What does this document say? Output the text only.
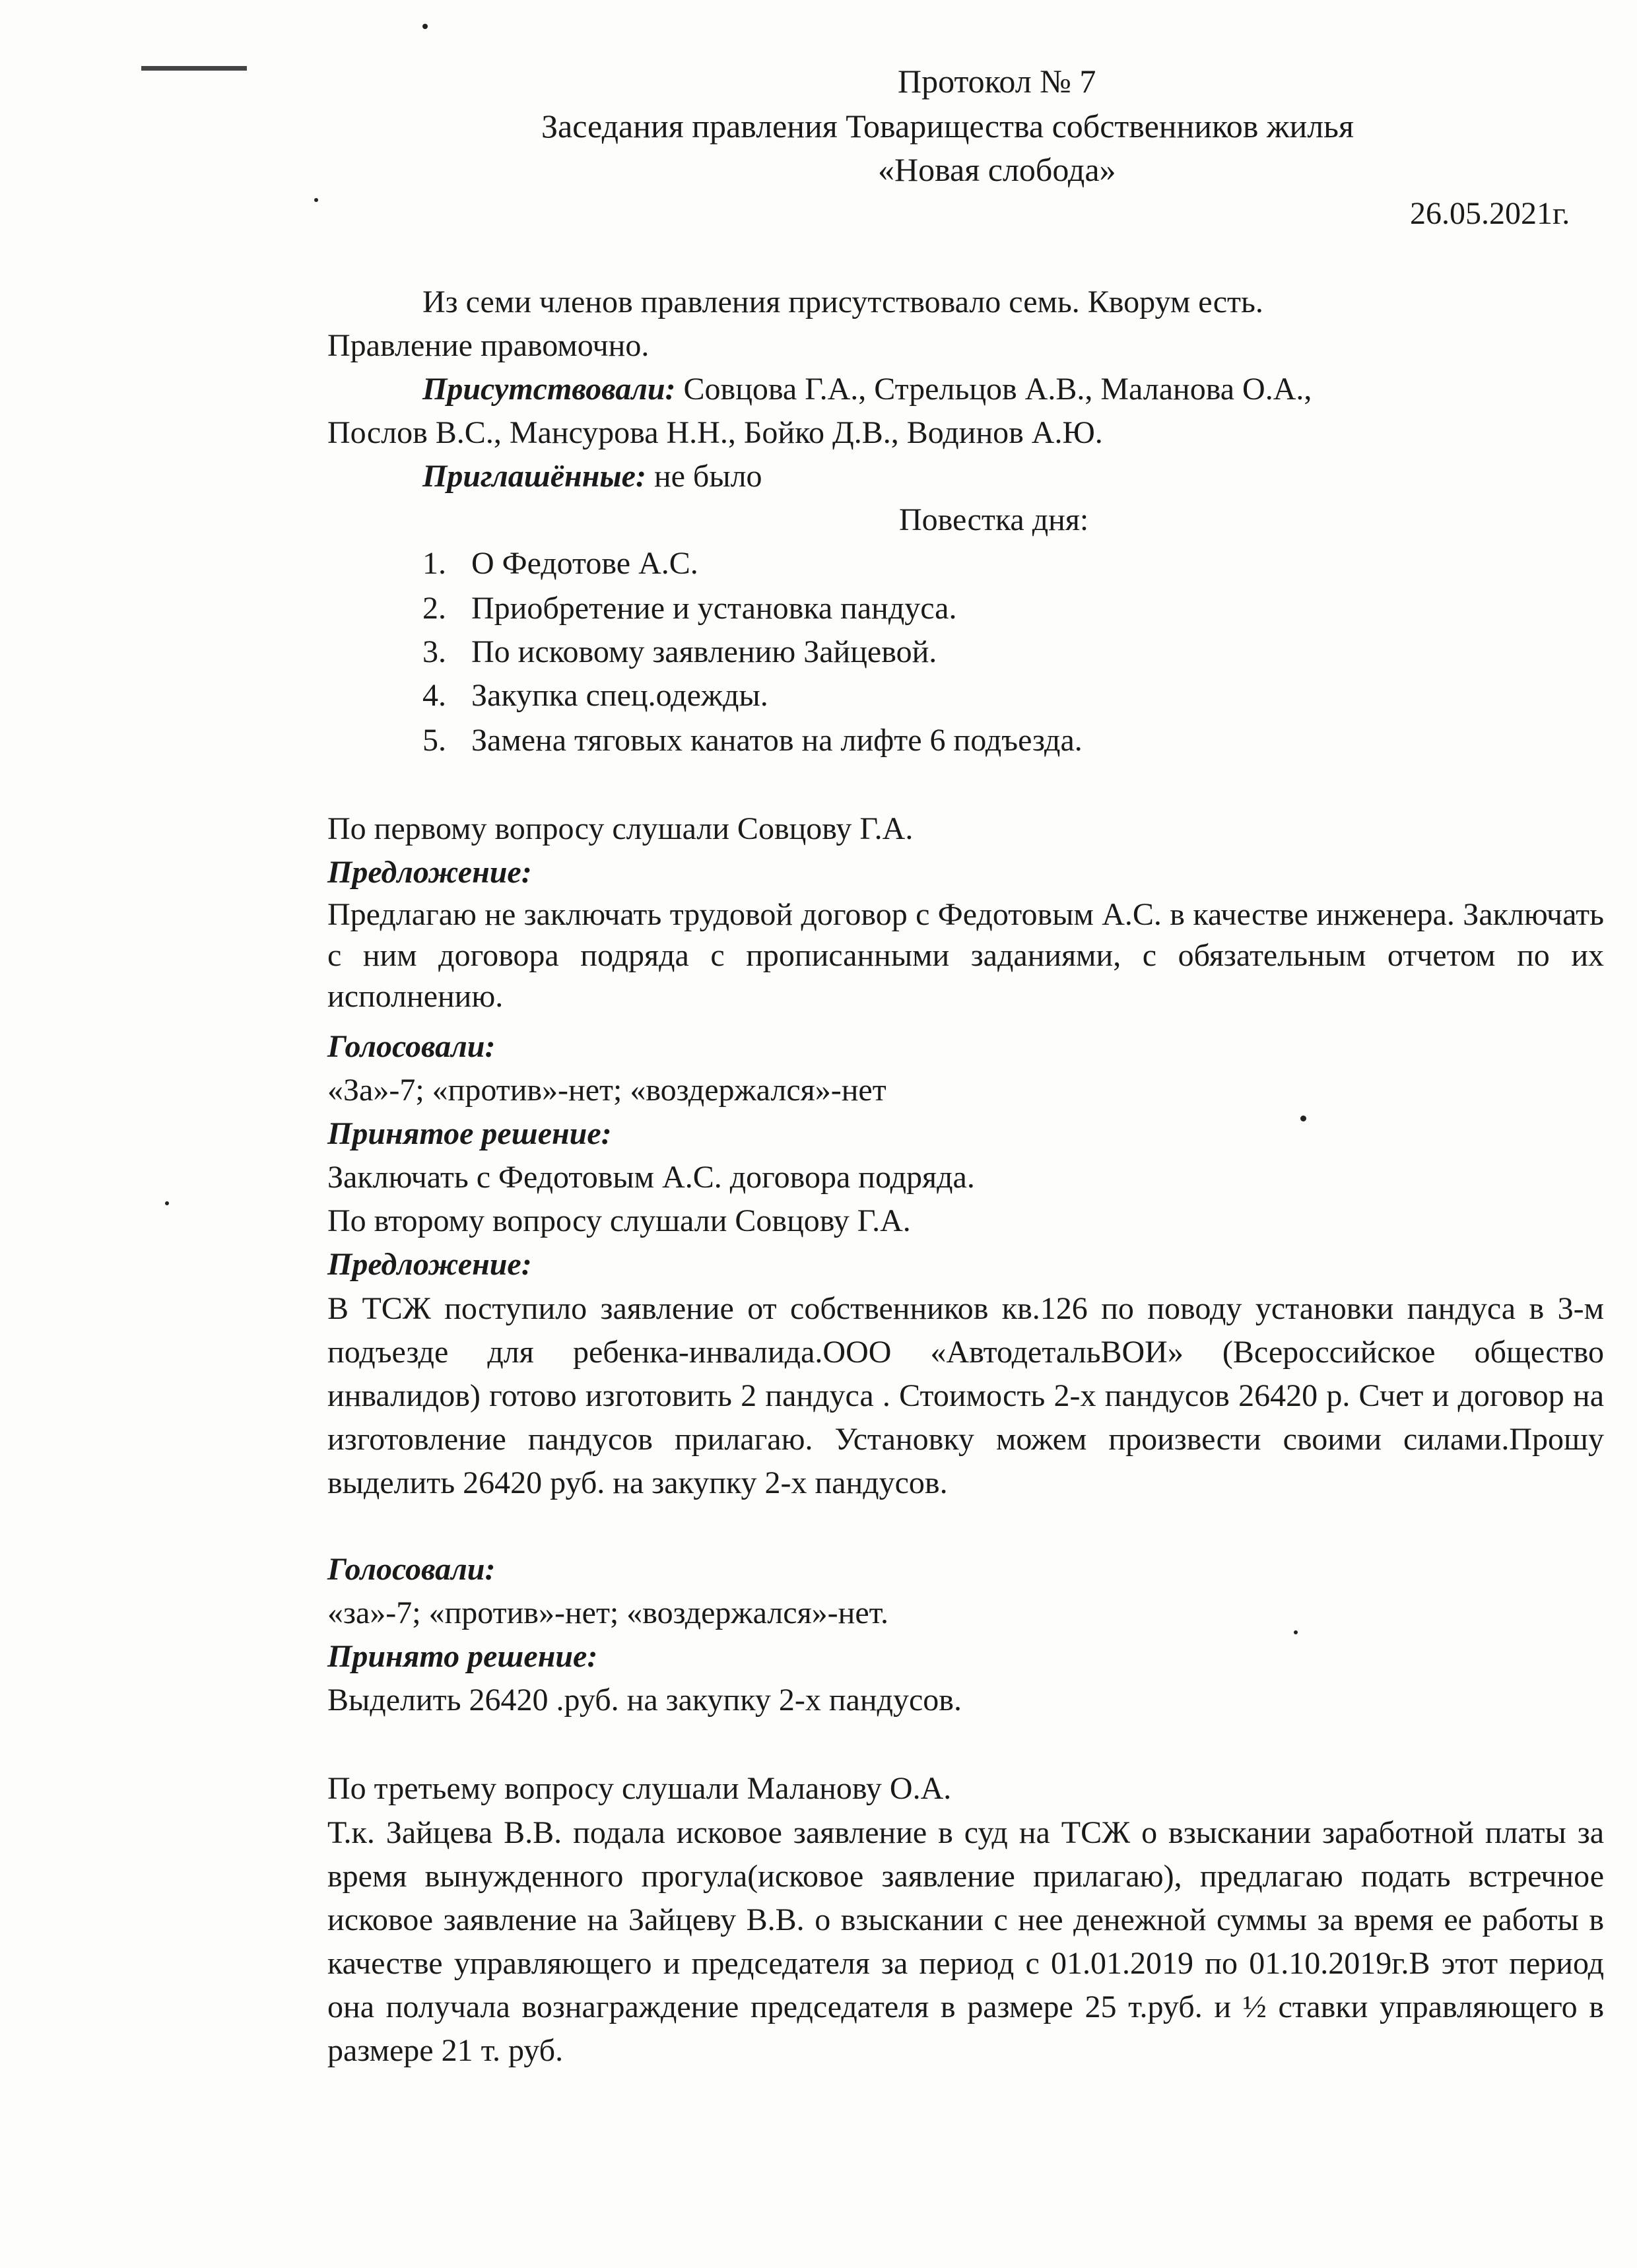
Протокол № 7
Заседания правления Товарищества собственников жилья
«Новая слобода»
26.05.2021г.
Из семи членов правления присутствовало семь. Кворум есть.
Правление правомочно.
Присутствовали: Совцова Г.А., Стрельцов А.В., Маланова О.А.,
Послов В.С., Мансурова Н.Н., Бойко Д.В., Водинов А.Ю.
Приглашённые: не было
Повестка дня:
1. О Федотове А.С.
2. Приобретение и установка пандуса.
3. По исковому заявлению Зайцевой.
4. Закупка спец.одежды.
5. Замена тяговых канатов на лифте 6 подъезда.
По первому вопросу слушали Совцову Г.А.
Предложение:
Предлагаю не заключать трудовой договор с Федотовым А.С. в качестве инженера. Заключать с ним договора подряда с прописанными заданиями, с обязательным отчетом по их исполнению.
Голосовали:
«За»-7; «против»-нет; «воздержался»-нет
Принятое решение:
Заключать с Федотовым А.С. договора подряда.
По второму вопросу слушали Совцову Г.А.
Предложение:
В ТСЖ поступило заявление от собственников кв.126 по поводу установки пандуса в 3-м подъезде для ребенка-инвалида.ООО «АвтодетальВОИ» (Всероссийское общество инвалидов) готово изготовить 2 пандуса . Стоимость 2-х пандусов 26420 р. Счет и договор на изготовление пандусов прилагаю. Установку можем произвести своими силами.Прошу выделить 26420 руб. на закупку 2-х пандусов.
Голосовали:
«за»-7; «против»-нет; «воздержался»-нет.
Принято решение:
Выделить 26420 .руб. на закупку 2-х пандусов.
По третьему вопросу слушали Маланову О.А.
Т.к. Зайцева В.В. подала исковое заявление в суд на ТСЖ о взыскании заработной платы за время вынужденного прогула(исковое заявление прилагаю), предлагаю подать встречное исковое заявление на Зайцеву В.В. о взыскании с нее денежной суммы за время ее работы в качестве управляющего и председателя за период с 01.01.2019 по 01.10.2019г.В этот период она получала вознаграждение председателя в размере 25 т.руб. и ½ ставки управляющего в размере 21 т. руб.
